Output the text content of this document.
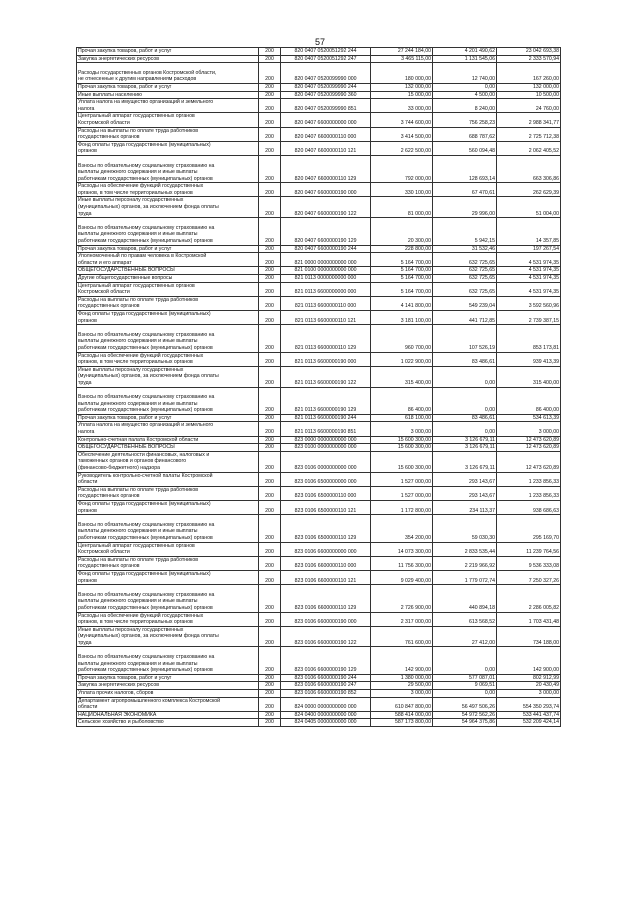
57
Прочая закупка товаров, работ и услуг	200	820 0407 0520051292 244	27 244 184,00	4 201 490,62	23 042 693,38
Закупка энергетических ресурсов	200	820 0407 0520051292 247	3 465 115,00	1 131 545,06	2 333 570,94

Расходы государственных органов Костромской области,
не отнесенные к другим направлениям расходов	200	820 0407 0520099990 000	180 000,00	12 740,00	167 260,00
Прочая закупка товаров, работ и услуг	200	820 0407 0520099990 244	132 000,00	0,00	132 000,00
Иные выплаты населению	200	820 0407 0520099990 360	15 000,00	4 500,00	10 500,00
Уплата налога на имущество организаций и земельного
налога	200	820 0407 0520099990 851	33 000,00	8 240,00	24 760,00
Центральный аппарат государственных органов
Костромской области	200	820 0407 6600000000 000	3 744 600,00	756 258,23	2 988 341,77
Расходы на выплаты по оплате труда работников
государственных органов	200	820 0407 6600000110 000	3 414 500,00	688 787,62	2 725 712,38
Фонд оплаты труда государственных (муниципальных)
органов	200	820 0407 6600000110 121	2 622 500,00	560 094,48	2 062 405,52

Взносы по обязательному социальному страхованию на
выплаты денежного содержания и иные выплаты
работникам государственных (муниципальных) органов	200	820 0407 6600000110 129	792 000,00	128 693,14	663 306,86
Расходы на обеспечение функций государственных
органов, в том числе территориальных органов	200	820 0407 6600000190 000	330 100,00	67 470,61	262 629,39
Иные выплаты персоналу государственных
(муниципальных) органов, за исключением фонда оплаты
труда	200	820 0407 6600000190 122	81 000,00	29 996,00	51 004,00

Взносы по обязательному социальному страхованию на
выплаты денежного содержания и иные выплаты
работникам государственных (муниципальных) органов	200	820 0407 6600000190 129	20 300,00	5 942,15	14 357,85
Прочая закупка товаров, работ и услуг	200	820 0407 6600000190 244	228 800,00	31 532,46	197 267,54
Уполномоченный по правам человека в Костромской
области и его аппарат	200	821 0000 0000000000 000	5 164 700,00	632 725,65	4 531 974,35
ОБЩЕГОСУДАРСТВЕННЫЕ ВОПРОСЫ	200	821 0100 0000000000 000	5 164 700,00	632 725,65	4 531 974,35
Другие общегосударственные вопросы	200	821 0113 0000000000 000	5 164 700,00	632 725,65	4 531 974,35
Центральный аппарат государственных органов
Костромской области	200	821 0113 6600000000 000	5 164 700,00	632 725,65	4 531 974,35
Расходы на выплаты по оплате труда работников
государственных органов	200	821 0113 6600000110 000	4 141 800,00	549 239,04	3 592 560,96
Фонд оплаты труда государственных (муниципальных)
органов	200	821 0113 6600000110 121	3 181 100,00	441 712,85	2 739 387,15

Взносы по обязательному социальному страхованию на
выплаты денежного содержания и иные выплаты
работникам государственных (муниципальных) органов	200	821 0113 6600000110 129	960 700,00	107 526,19	853 173,81
Расходы на обеспечение функций государственных
органов, в том числе территориальных органов	200	821 0113 6600000190 000	1 022 900,00	83 486,61	939 413,39
Иные выплаты персоналу государственных
(муниципальных) органов, за исключением фонда оплаты
труда	200	821 0113 6600000190 122	315 400,00	0,00	315 400,00

Взносы по обязательному социальному страхованию на
выплаты денежного содержания и иные выплаты
работникам государственных (муниципальных) органов	200	821 0113 6600000190 129	86 400,00	0,00	86 400,00
Прочая закупка товаров, работ и услуг	200	821 0113 6600000190 244	618 100,00	83 486,61	534 613,39
Уплата налога на имущество организаций и земельного
налога	200	821 0113 6600000190 851	3 000,00	0,00	3 000,00
Контрольно-счетная палата Костромской области	200	823 0000 0000000000 000	15 600 300,00	3 126 679,11	12 473 620,89
ОБЩЕГОСУДАРСТВЕННЫЕ ВОПРОСЫ	200	823 0100 0000000000 000	15 600 300,00	3 126 679,11	12 473 620,89
Обеспечение деятельности финансовых, налоговых и
таможенных органов и органов финансового
(финансово-бюджетного) надзора	200	823 0106 0000000000 000	15 600 300,00	3 126 679,11	12 473 620,89
Руководитель контрольно-счетной палаты Костромской
области	200	823 0106 6500000000 000	1 527 000,00	293 143,67	1 233 856,33
Расходы на выплаты по оплате труда работников
государственных органов	200	823 0106 6500000110 000	1 527 000,00	293 143,67	1 233 856,33
Фонд оплаты труда государственных (муниципальных)
органов	200	823 0106 6500000110 121	1 172 800,00	234 113,37	938 686,63

Взносы по обязательному социальному страхованию на
выплаты денежного содержания и иные выплаты
работникам государственных (муниципальных) органов	200	823 0106 6500000110 129	354 200,00	59 030,30	295 169,70
Центральный аппарат государственных органов
Костромской области	200	823 0106 6600000000 000	14 073 300,00	2 833 535,44	11 239 764,56
Расходы на выплаты по оплате труда работников
государственных органов	200	823 0106 6600000110 000	11 756 300,00	2 219 966,92	9 536 333,08
Фонд оплаты труда государственных (муниципальных)
органов	200	823 0106 6600000110 121	9 029 400,00	1 779 072,74	7 250 327,26

Взносы по обязательному социальному страхованию на
выплаты денежного содержания и иные выплаты
работникам государственных (муниципальных) органов	200	823 0106 6600000110 129	2 726 900,00	440 894,18	2 286 005,82
Расходы на обеспечение функций государственных
органов, в том числе территориальных органов	200	823 0106 6600000190 000	2 317 000,00	613 568,52	1 703 431,48
Иные выплаты персоналу государственных
(муниципальных) органов, за исключением фонда оплаты
труда	200	823 0106 6600000190 122	761 600,00	27 412,00	734 188,00

Взносы по обязательному социальному страхованию на
выплаты денежного содержания и иные выплаты
работникам государственных (муниципальных) органов	200	823 0106 6600000190 129	142 900,00	0,00	142 900,00
Прочая закупка товаров, работ и услуг	200	823 0106 6600000190 244	1 380 000,00	577 087,01	802 912,99
Закупка энергетических ресурсов	200	823 0106 6600000190 247	29 500,00	9 069,51	20 430,49
Уплата прочих налогов, сборов	200	823 0106 6600000190 852	3 000,00	0,00	3 000,00
Департамент агропромышленного комплекса Костромской
области	200	824 0000 0000000000 000	610 847 800,00	56 497 506,26	554 350 293,74
НАЦИОНАЛЬНАЯ ЭКОНОМИКА	200	824 0400 0000000000 000	588 414 000,00	54 972 562,26	533 441 437,74
Сельское хозяйство и рыболовство	200	824 0405 0000000000 000	587 173 800,00	54 964 375,86	532 209 424,14
